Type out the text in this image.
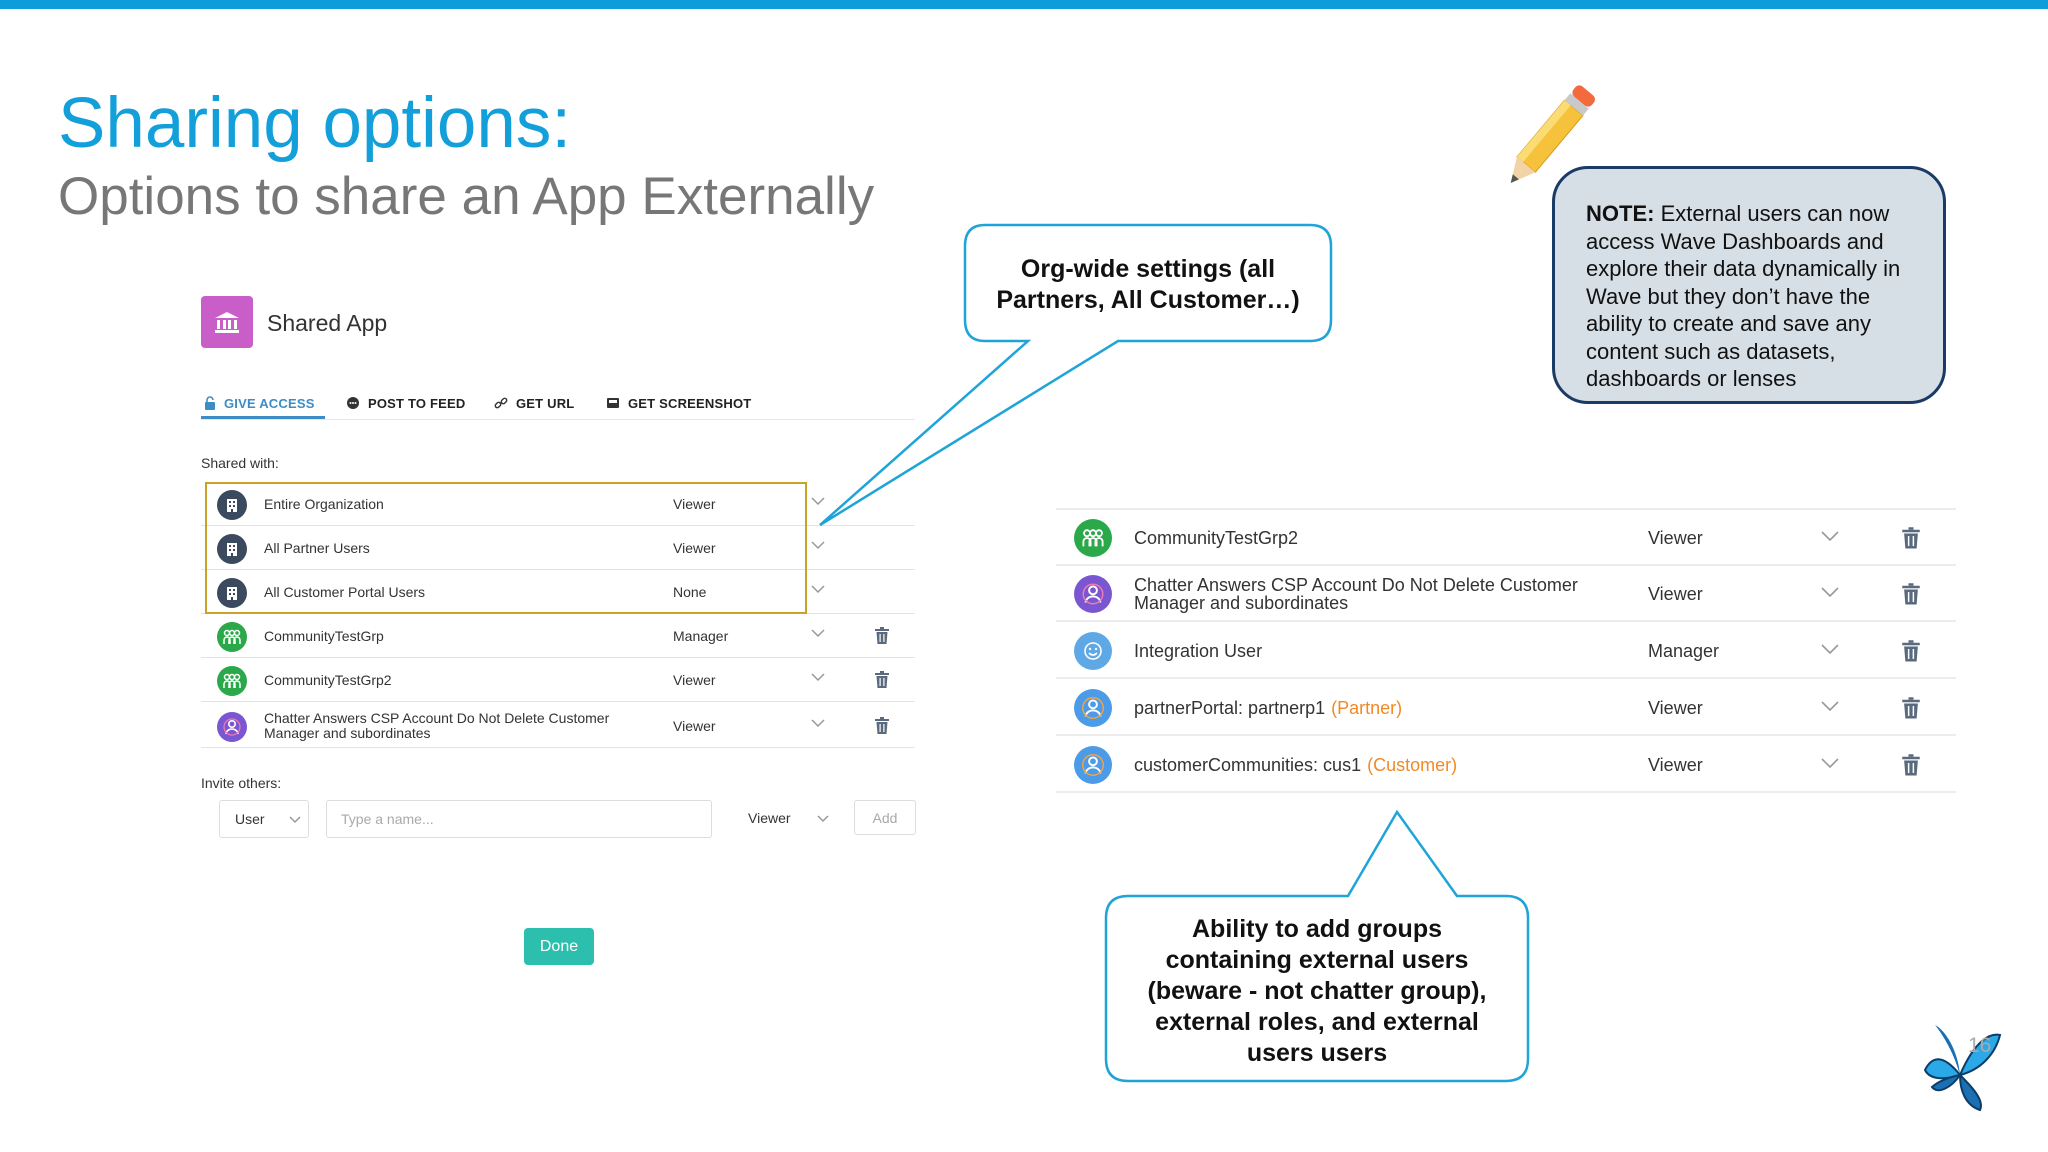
Sharing options:
Options to share an App Externally
Shared App
GIVE ACCESS	POST TO FEED	GET URL	GET SCREENSHOT
Shared with:
Entire Organization	Viewer
All Partner Users	Viewer
All Customer Portal Users	None
CommunityTestGrp	Manager
CommunityTestGrp2	Viewer
Chatter Answers CSP Account Do Not Delete Customer Manager and subordinates	Viewer
Invite others:
User	Type a name...	Viewer	Add
Done
CommunityTestGrp2	Viewer
Chatter Answers CSP Account Do Not Delete Customer Manager and subordinates	Viewer
Integration User	Manager
partnerPortal: partnerp1 (Partner)	Viewer
customerCommunities: cus1 (Customer)	Viewer
Org-wide settings (all
Partners, All Customer…)
Ability to add groups
containing external users
(beware - not chatter group),
external roles, and external
users users
NOTE: External users can now
access Wave Dashboards and
explore their data dynamically in
Wave but they don’t have the
ability to create and save any
content such as datasets,
dashboards or lenses
16
